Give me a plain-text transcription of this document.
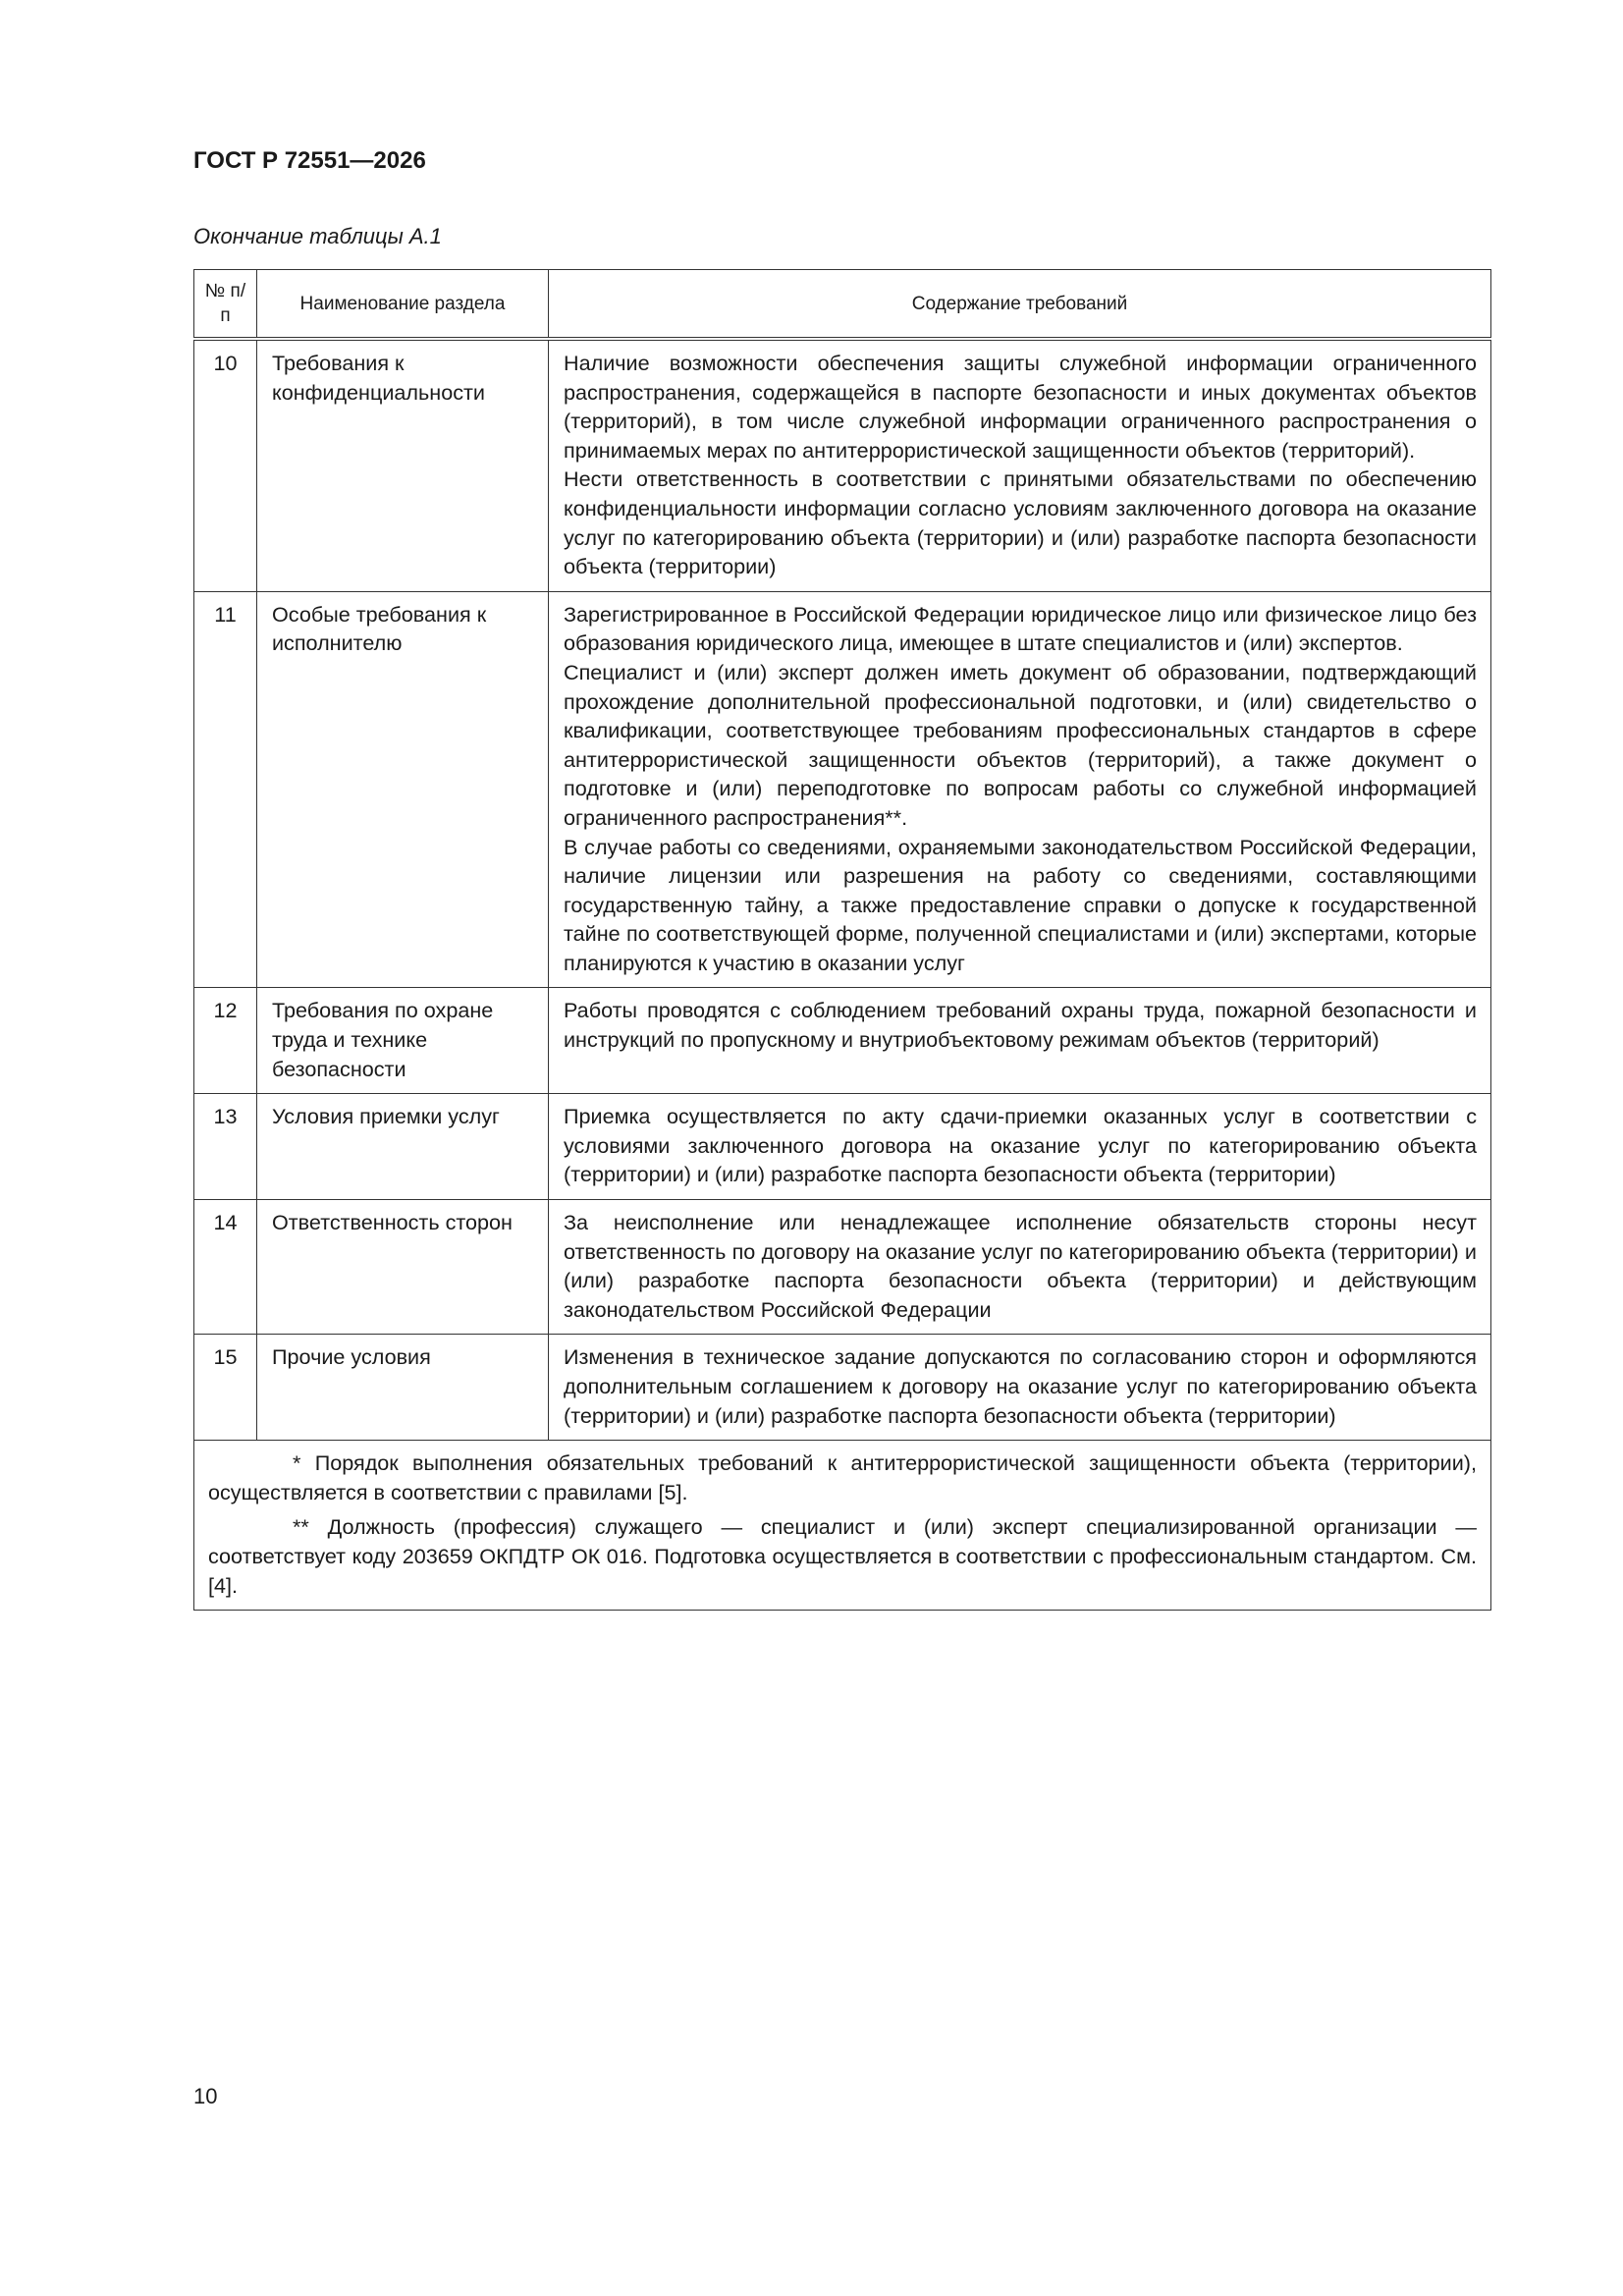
ГОСТ Р 72551—2026

Окончание таблицы А.1

№ п/п	Наименование раздела	Содержание требований
10	Требования к конфиденциальности	Наличие возможности обеспечения защиты служебной информации ограниченного распространения, содержащейся в паспорте безопасности и иных документах объектов (территорий), в том числе служебной информации ограниченного распространения о принимаемых мерах по антитеррористической защищенности объектов (территорий).

Нести ответственность в соответствии с принятыми обязательствами по обеспечению конфиденциальности информации согласно условиям заключенного договора на оказание услуг по категорированию объекта (территории) и (или) разработке паспорта безопасности объекта (территории)

11	Особые требования к исполнителю	Зарегистрированное в Российской Федерации юридическое лицо или физическое лицо без образования юридического лица, имеющее в штате специалистов и (или) экспертов.

Специалист и (или) эксперт должен иметь документ об образовании, подтверждающий прохождение дополнительной профессиональной подготовки, и (или) свидетельство о квалификации, соответствующее требованиям профессиональных стандартов в сфере антитеррористической защищенности объектов (территорий), а также документ о подготовке и (или) переподготовке по вопросам работы со служебной информацией ограниченного распространения**.

В случае работы со сведениями, охраняемыми законодательством Российской Федерации, наличие лицензии или разрешения на работу со сведениями, составляющими государственную тайну, а также предоставление справки о допуске к государственной тайне по соответствующей форме, полученной специалистами и (или) экспертами, которые планируются к участию в оказании услуг

12	Требования по охране труда и технике безопасности	Работы проводятся с соблюдением требований охраны труда, пожарной безопасности и инструкций по пропускному и внутриобъектовому режимам объектов (территорий)

13	Условия приемки услуг	Приемка осуществляется по акту сдачи-приемки оказанных услуг в соответствии с условиями заключенного договора на оказание услуг по категорированию объекта (территории) и (или) разработке паспорта безопасности объекта (территории)

14	Ответственность сторон	За неисполнение или ненадлежащее исполнение обязательств стороны несут ответственность по договору на оказание услуг по категорированию объекта (территории) и (или) разработке паспорта безопасности объекта (территории) и действующим законодательством Российской Федерации

15	Прочие условия	Изменения в техническое задание допускаются по согласованию сторон и оформляются дополнительным соглашением к договору на оказание услуг по категорированию объекта (территории) и (или) разработке паспорта безопасности объекта (территории)

* Порядок выполнения обязательных требований к антитеррористической защищенности объекта (территории), осуществляется в соответствии с правилами [5].

** Должность (профессия) служащего — специалист и (или) эксперт специализированной организации — соответствует коду 203659 ОКПДТР ОК 016. Подготовка осуществляется в соответствии с профессиональным стандартом. См. [4].		

10
